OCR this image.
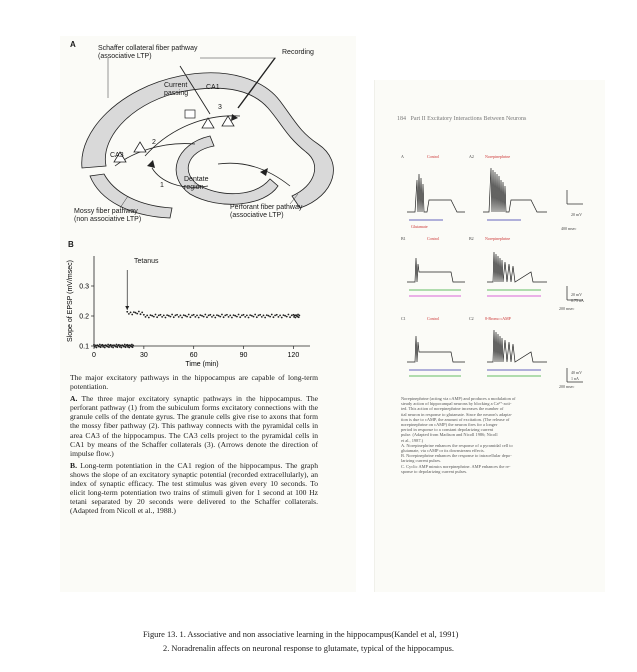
A	Schaffer collateral fiber pathway
(associative LTP)
Recording
Current passing
CA1
CA3
1
2
3
Dentate region
Mossy fiber pathway
(non associative LTP)
Perforant fiber pathway
(associative LTP)
B
0	30	60	90	120
0.1
0.2
0.3
Time (min)
Slope of EPSP (mV/msec)	Tetanus

The major excitatory pathways in the hippocampus are capable of long-term potentiation.

A. The three major excitatory synaptic pathways in the hippocampus. The perforant pathway (1) from the subiculum forms excitatory connections with the granule cells of the dentate gyrus. The granule cells give rise to axons that form the mossy fiber pathway (2). This pathway connects with the pyramidal cells in area CA3 of the hippocampus. The CA3 cells project to the pyramidal cells in CA1 by means of the Schaffer collaterals (3). (Arrows denote the direction of impulse flow.)

B. Long-term potentiation in the CA1 region of the hippocampus. The graph shows the slope of an excitatory synaptic potential (recorded extracellularly), an index of synaptic efficacy. The test stimulus was given every 10 seconds. To elicit long-term potentiation two trains of stimuli given for 1 second at 100 Hz tetani separated by 20 seconds were delivered to the Schaffer collaterals. (Adapted from Nicoll et al., 1988.)

184 Part II Excitatory Interactions Between Neurons
A	Control	A2	Norepinephrine
Glutamate
20 mV
400 msec
B1	Control	B2	Norepinephrine
20 mV
0.75 nA
200 msec
C1	Control	C2	8-Bromo cAMP
40 mV
1 nA
200 msec
Norepinephrine (acting via cAMP) and produces a modulation of
steady action of hippocampal neurons by blocking a Ca²⁺-acti-
ted. This action of norepinephrine increases the number of
tial neuron in response to glutamate. Since the neuron's adapta-
tion is due to cAMP, the amount of excitation. (The release of
norepinephrine on cAMP) the neuron fires for a longer
period in response to a constant depolarizing current
pulse. (Adapted from Madison and Nicoll 1986; Nicoll
et al., 1987.)
A. Norepinephrine enhances the response of a pyramidal cell to
glutamate, via cAMP or its downstream effects.
B. Norepinephrine enhances the response to intracellular depo-
larizing current pulses.
C. Cyclic AMP mimics norepinephrine. AMP enhances the re-
sponse to depolarizing current pulses.
Figure 13. 1. Associative and non associative learning in the hippocampus(Kandel et al, 1991)
2. Noradrenalin affects on neuronal response to glutamate, typical of the hippocampus.
